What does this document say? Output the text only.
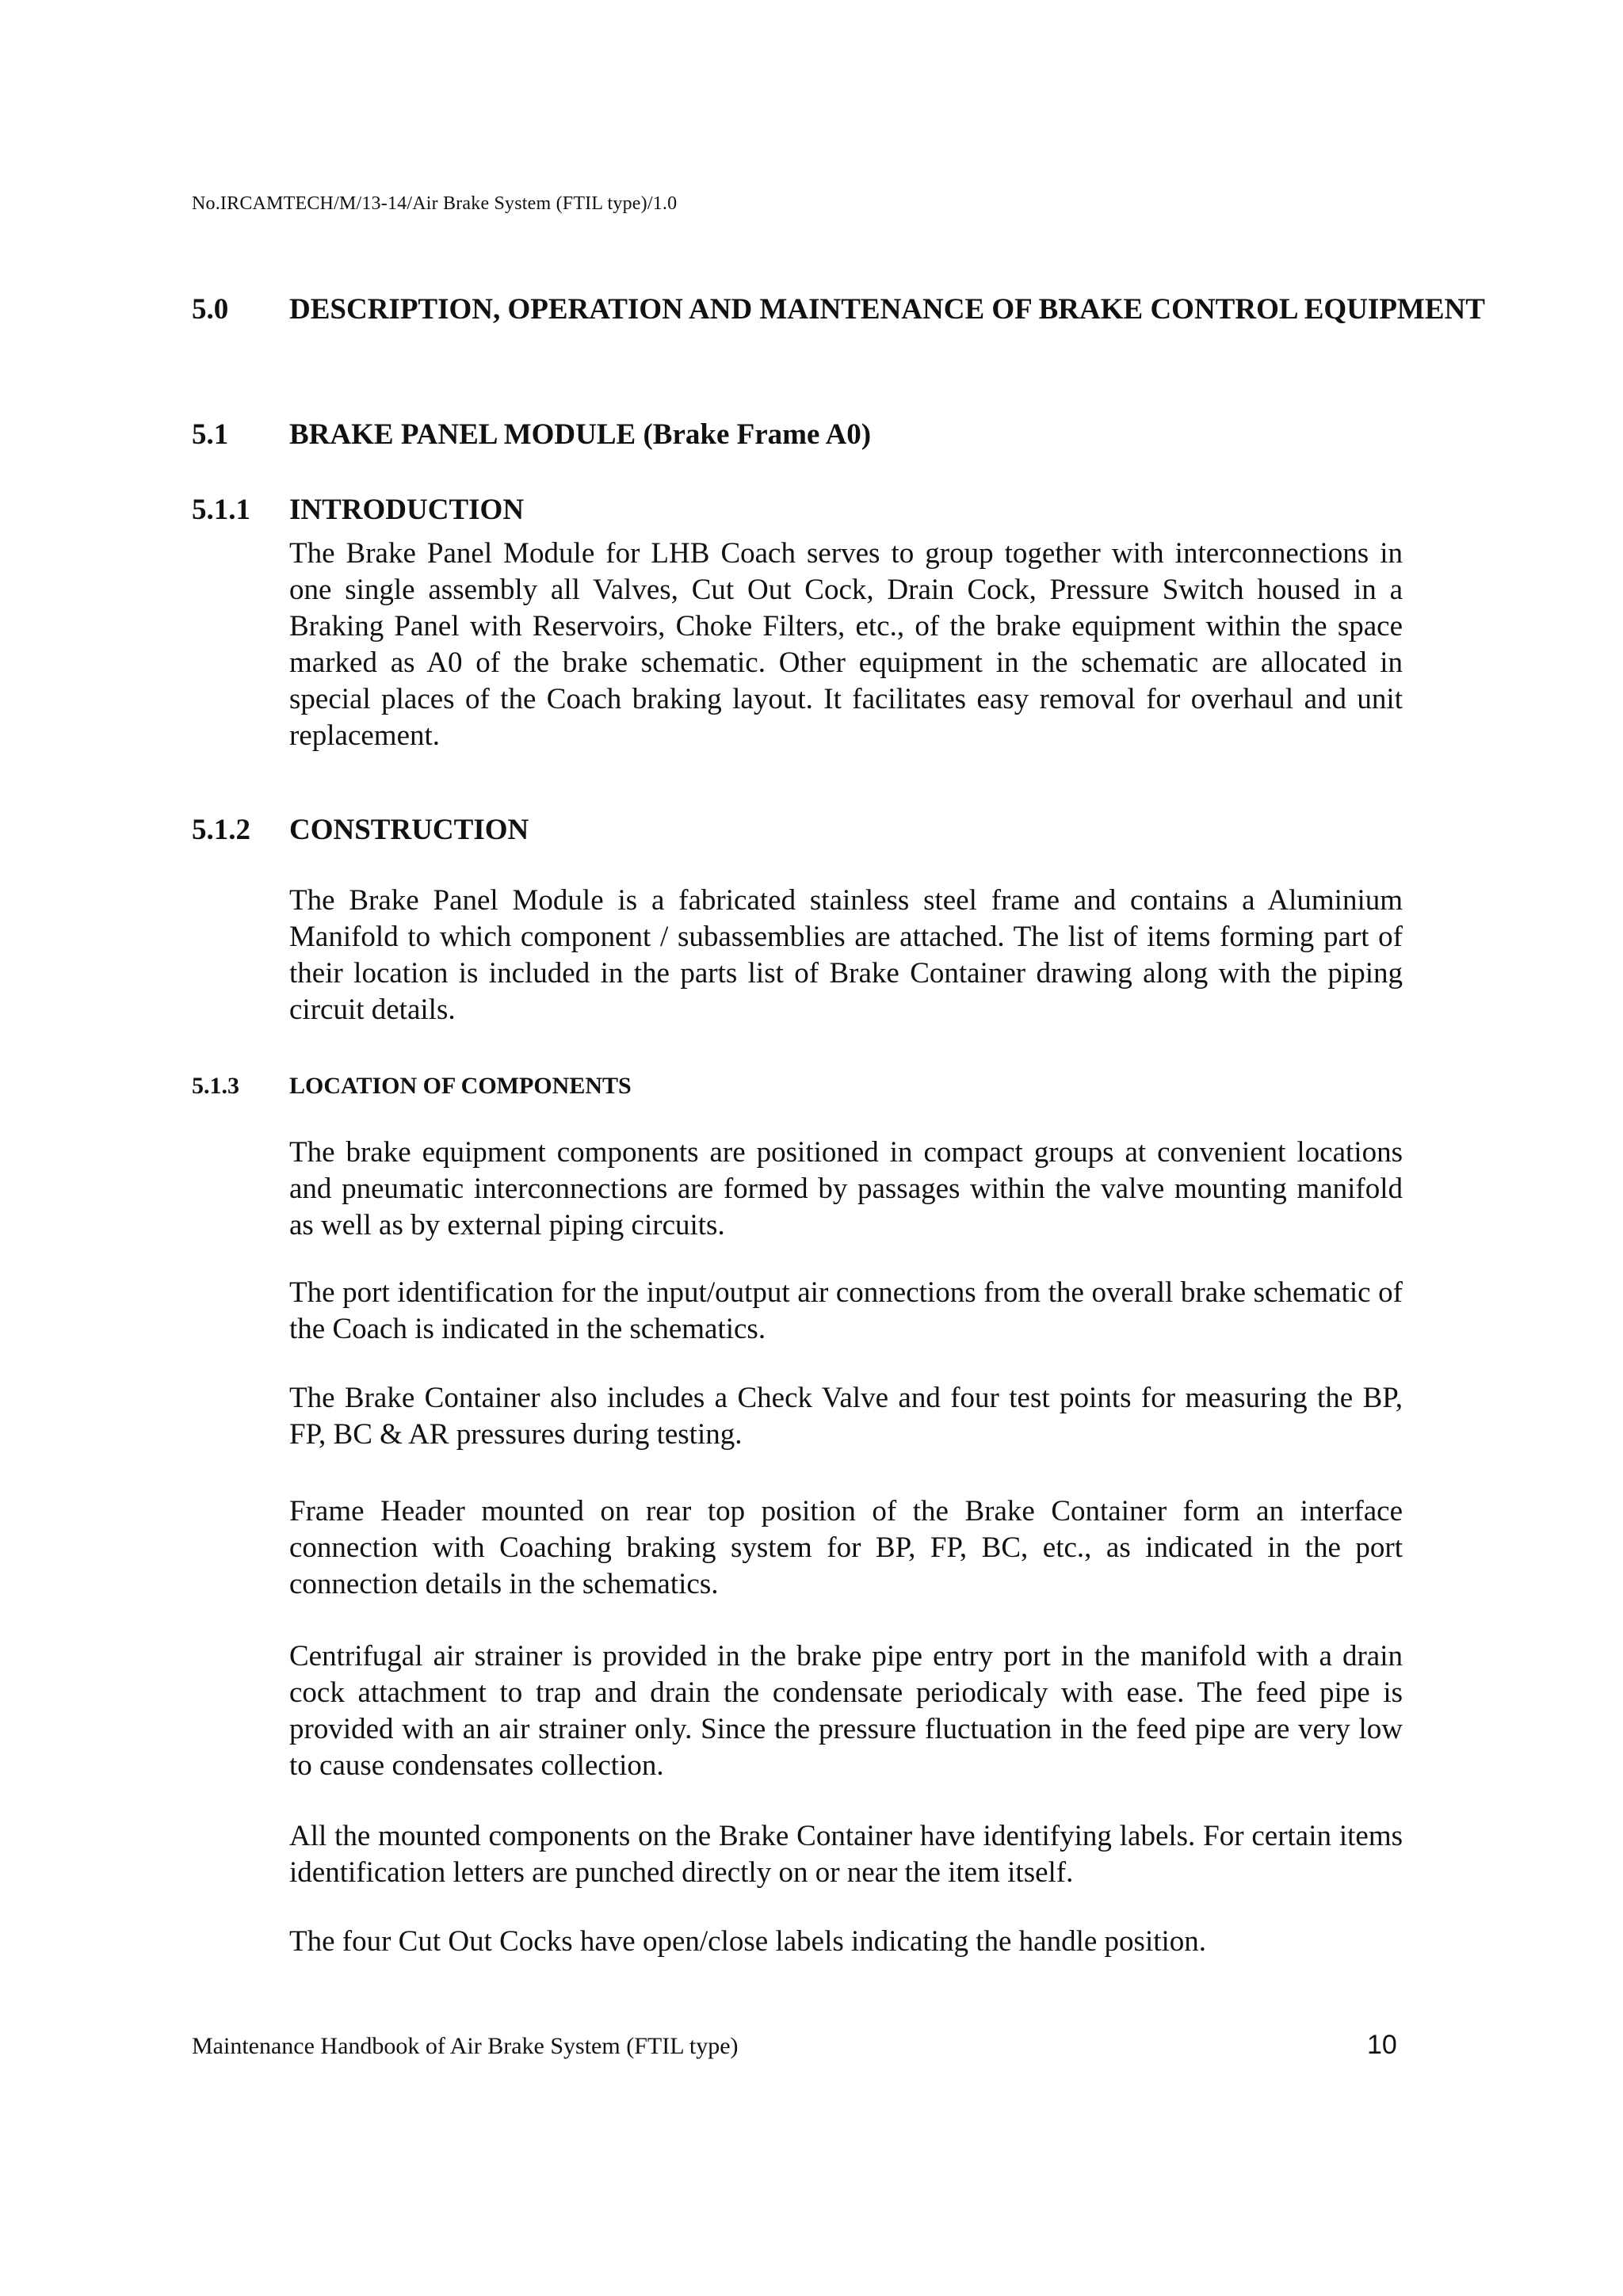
No.IRCAMTECH/M/13-14/Air Brake System (FTIL type)/1.0
5.0 DESCRIPTION, OPERATION AND MAINTENANCE OF BRAKE CONTROL EQUIPMENT
5.1 BRAKE PANEL MODULE (Brake Frame A0)
5.1.1 INTRODUCTION

The Brake Panel Module for LHB Coach serves to group together with interconnections in one single assembly all Valves, Cut Out Cock, Drain Cock, Pressure Switch housed in a Braking Panel with Reservoirs, Choke Filters, etc., of the brake equipment within the space marked as A0 of the brake schematic. Other equipment in the schematic are allocated in special places of the Coach braking layout. It facilitates easy removal for overhaul and unit replacement.

5.1.2 CONSTRUCTION

The Brake Panel Module is a fabricated stainless steel frame and contains a Aluminium Manifold to which component / subassemblies are attached. The list of items forming part of their location is included in the parts list of Brake Container drawing along with the piping circuit details.

5.1.3 LOCATION OF COMPONENTS

The brake equipment components are positioned in compact groups at convenient locations and pneumatic interconnections are formed by passages within the valve mounting manifold as well as by external piping circuits.

The port identification for the input/output air connections from the overall brake schematic of the Coach is indicated in the schematics.

The Brake Container also includes a Check Valve and four test points for measuring the BP, FP, BC & AR pressures during testing.

Frame Header mounted on rear top position of the Brake Container form an interface connection with Coaching braking system for BP, FP, BC, etc., as indicated in the port connection details in the schematics.

Centrifugal air strainer is provided in the brake pipe entry port in the manifold with a drain cock attachment to trap and drain the condensate periodicaly with ease. The feed pipe is provided with an air strainer only. Since the pressure fluctuation in the feed pipe are very low to cause condensates collection.

All the mounted components on the Brake Container have identifying labels. For certain items identification letters are punched directly on or near the item itself.

The four Cut Out Cocks have open/close labels indicating the handle position.

Maintenance Handbook of Air Brake System (FTIL type)	10
